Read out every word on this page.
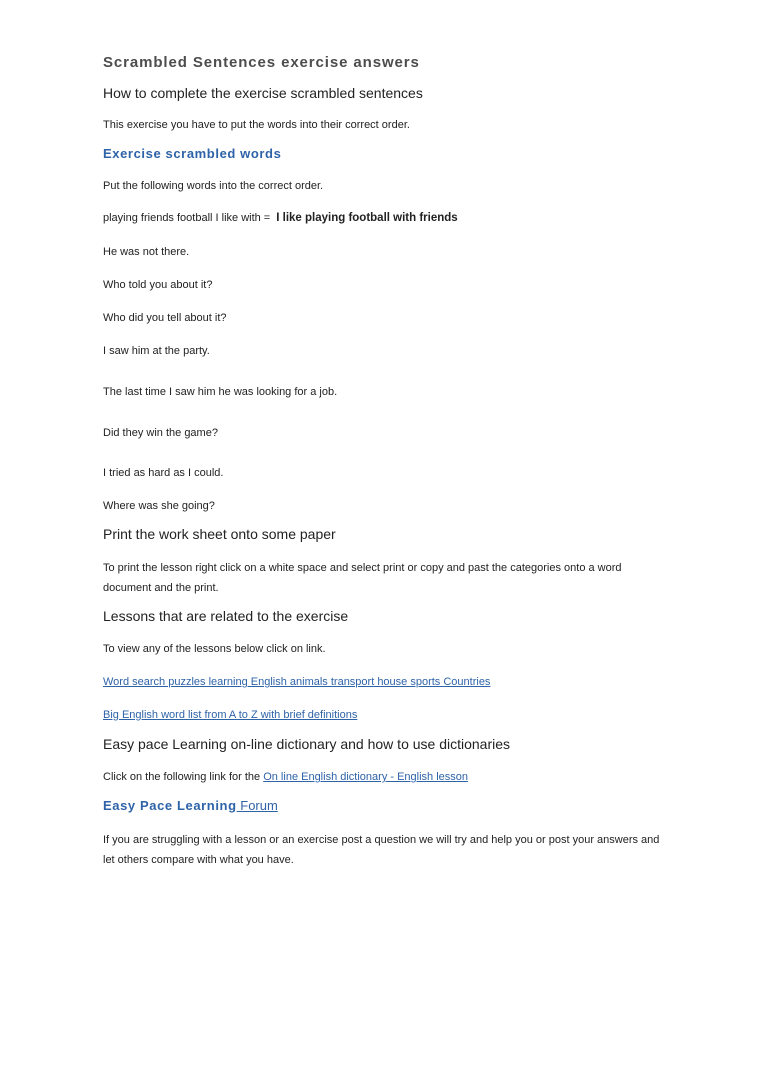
Scrambled Sentences exercise answers
How to complete the exercise scrambled sentences
This exercise you have to put the words into their correct order.
Exercise scrambled words
Put the following words into the correct order.
playing friends football I like with = I like playing football with friends
He was not there.
Who told you about it?
Who did you tell about it?
I saw him at the party.
The last time I saw him he was looking for a job.
Did they win the game?
I tried as hard as I could.
Where was she going?
Print the work sheet onto some paper

To print the lesson right click on a white space and select print or copy and past the categories onto a word document and the print.

Lessons that are related to the exercise
To view any of the lessons below click on link.
Word search puzzles learning English animals transport house sports Countries
Big English word list from A to Z with brief definitions
Easy pace Learning on-line dictionary and how to use dictionaries
Click on the following link for the On line English dictionary - English lesson
Easy Pace Learning Forum

If you are struggling with a lesson or an exercise post a question we will try and help you or post your answers and let others compare with what you have.
